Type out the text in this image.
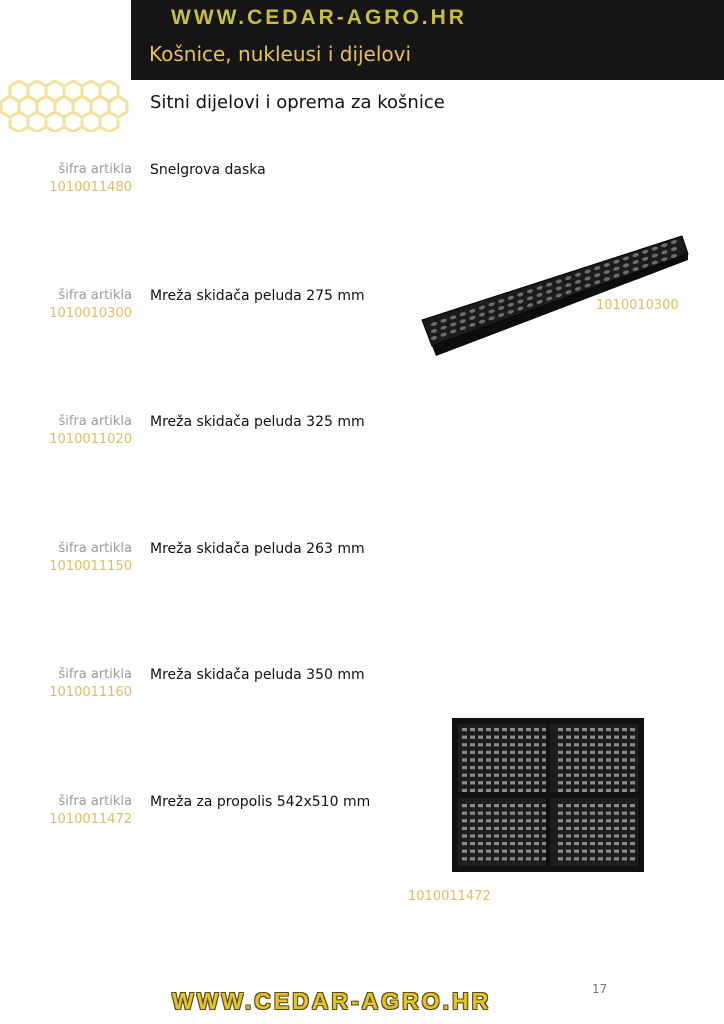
WWW.CEDAR-AGRO.HR
Košnice, nukleusi i dijelovi
Sitni dijelovi i oprema za košnice
šifra artikla
1010011480
Snelgrova daska
šifra artikla
1010010300
Mreža skidača peluda 275 mm
šifra artikla
1010011020
Mreža skidača peluda 325 mm
šifra artikla
1010011150
Mreža skidača peluda 263 mm
šifra artikla
1010011160
Mreža skidača peluda 350 mm
šifra artikla
1010011472
Mreža za propolis 542x510 mm
1010010300
1010011472
17
WWW.CEDAR-AGRO.HR
